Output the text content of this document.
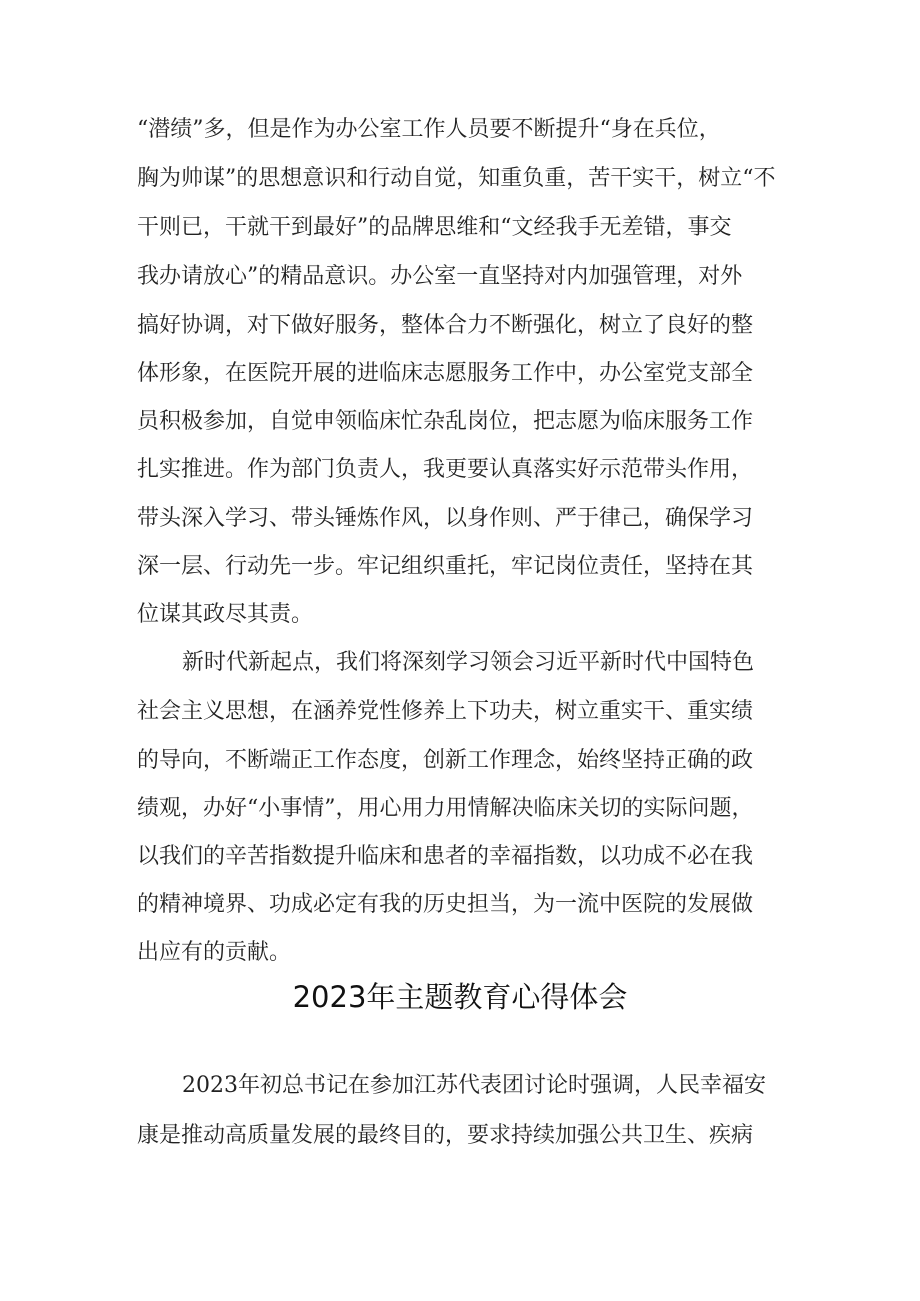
“潜绩”多，但是作为办公室工作人员要不断提升“身在兵位，
胸为帅谋”的思想意识和行动自觉，知重负重，苦干实干，树立“不
干则已，干就干到最好”的品牌思维和“文经我手无差错，事交
我办请放心”的精品意识。办公室一直坚持对内加强管理，对外
搞好协调，对下做好服务，整体合力不断强化，树立了良好的整
体形象，在医院开展的进临床志愿服务工作中，办公室党支部全
员积极参加，自觉申领临床忙杂乱岗位，把志愿为临床服务工作
扎实推进。作为部门负责人，我更要认真落实好示范带头作用，
带头深入学习、带头锤炼作风，以身作则、严于律己，确保学习
深一层、行动先一步。牢记组织重托，牢记岗位责任，坚持在其
位谋其政尽其责。
新时代新起点，我们将深刻学习领会习近平新时代中国特色
社会主义思想，在涵养党性修养上下功夫，树立重实干、重实绩
的导向，不断端正工作态度，创新工作理念，始终坚持正确的政
绩观，办好“小事情”，用心用力用情解决临床关切的实际问题，
以我们的辛苦指数提升临床和患者的幸福指数，以功成不必在我
的精神境界、功成必定有我的历史担当，为一流中医院的发展做
出应有的贡献。
2023年主题教育心得体会
2023年初总书记在参加江苏代表团讨论时强调，人民幸福安
康是推动高质量发展的最终目的，要求持续加强公共卫生、疾病
